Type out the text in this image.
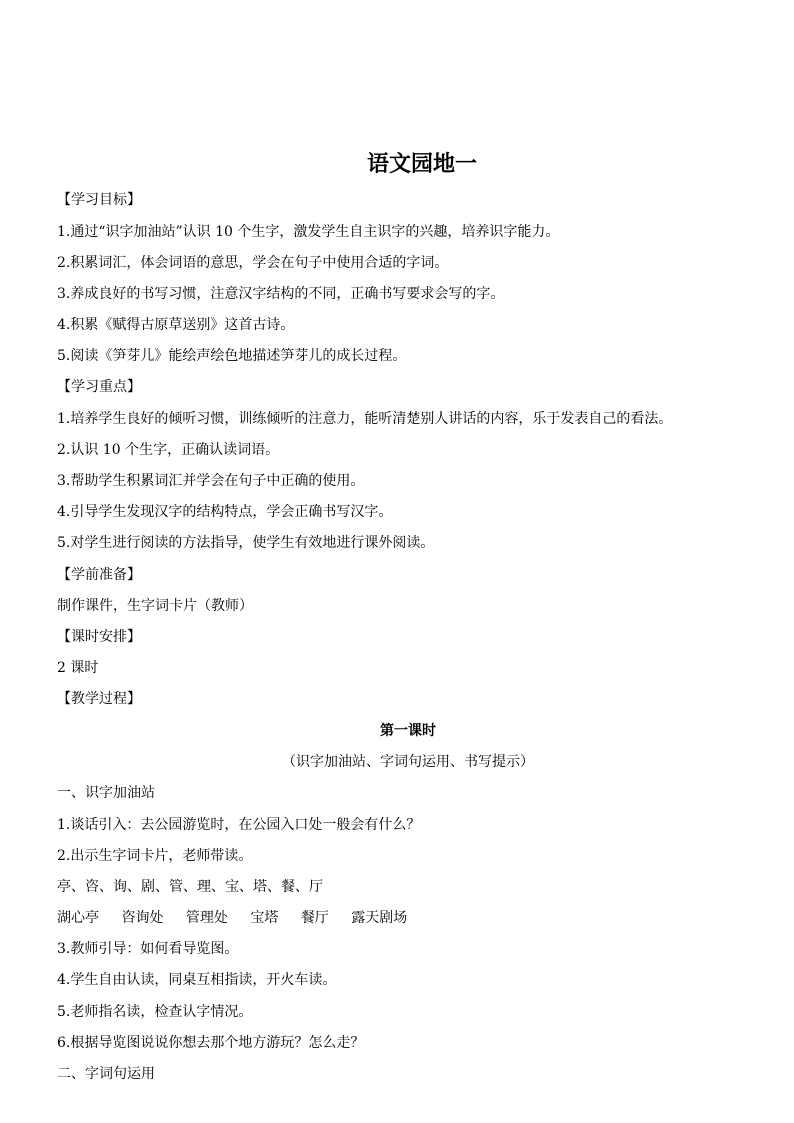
语文园地一
【学习目标】
1.通过“识字加油站”认识 10 个生字，激发学生自主识字的兴趣，培养识字能力。
2.积累词汇，体会词语的意思，学会在句子中使用合适的字词。
3.养成良好的书写习惯，注意汉字结构的不同，正确书写要求会写的字。
4.积累《赋得古原草送别》这首古诗。
5.阅读《笋芽儿》能绘声绘色地描述笋芽儿的成长过程。
【学习重点】
1.培养学生良好的倾听习惯，训练倾听的注意力，能听清楚别人讲话的内容，乐于发表自己的看法。
2.认识 10 个生字，正确认读词语。
3.帮助学生积累词汇并学会在句子中正确的使用。
4.引导学生发现汉字的结构特点，学会正确书写汉字。
5.对学生进行阅读的方法指导，使学生有效地进行课外阅读。
【学前准备】
制作课件，生字词卡片（教师）
【课时安排】
2 课时
【教学过程】
第一课时
（识字加油站、字词句运用、书写提示）
一、识字加油站
1.谈话引入：去公园游览时，在公园入口处一般会有什么？
2.出示生字词卡片，老师带读。
亭、咨、询、剧、管、理、宝、塔、餐、厅
湖心亭 咨询处 管理处 宝塔 餐厅 露天剧场
3.教师引导：如何看导览图。
4.学生自由认读，同桌互相指读，开火车读。
5.老师指名读，检查认字情况。
6.根据导览图说说你想去那个地方游玩？怎么走？
二、字词句运用
